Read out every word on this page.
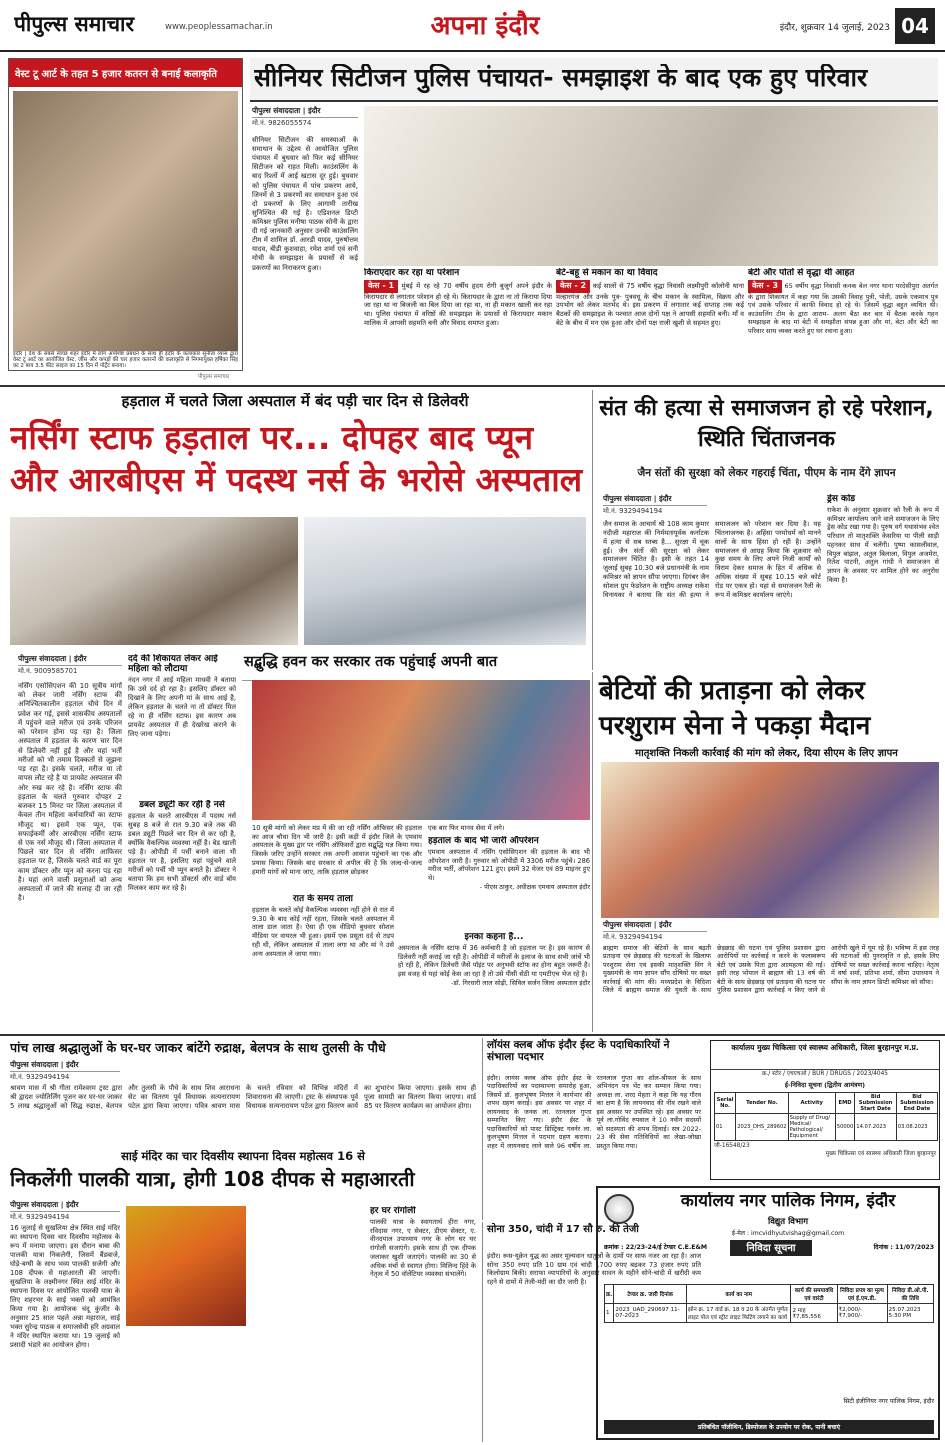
पीपुल्स समाचार	www.peoplessamachar.in	अपना इंदौर	इंदौर, शुक्रवार 14 जुलाई, 2023 04
वेस्ट टू आर्ट के तहत 5 हजार कतरन से बनाई कलाकृति
इंदौर | देश के सबसे स्वच्छ शहर इंदौर में लोग अपशिष्ट प्रबंधन के साथ ही इंदौर के कलाकार सुनीता व्यास द्वारा वेस्ट टू आर्ट का आयोजित वेस्ट, जींस और कपड़ों की चार हजार कतरनों की कलाकृति से निगमायुक्त हर्षिका सिंह का 2 बाय 3.5 फीट साइज का 15 दिन में पोर्ट्रेट बनाया।
पीपुल्स समाचार
सीनियर सिटीजन पुलिस पंचायत- समझाइश के बाद एक हुए परिवार
पीपुल्स संवाददाता | इंदौर
मो.नं. 9826055574
सीनियर सिटीजन की समस्याओं के समाधान के उद्देश्य से आयोजित पुलिस पंचायत में बुधवार को फिर कई सीनियर सिटीजन को राहत मिली। काउंसलिंग के बाद रिश्तों में आई खटास दूर हुई। बुधवार को पुलिस पंचायत में पांच प्रकरण आये, जिनमें से 3 प्रकरणों का समाधान हुआ एवं दो प्रकरणों के लिए आगामी तारीख सुनिश्चित की गई है। एडिशनल डिप्टी कमिश्नर पुलिस मनीषा पाठक सोनी के द्वारा दी गई जानकारी अनुसार उनकी काउंसलिंग टीम में शामिल डॉ. आरडी यादव, पुरुषोत्तम यादव, बीडी कुशवाहा, रमेश शर्मा एवं सनी मोची के समझाइश के प्रयासों से कई प्रकरणों का निराकरण हुआ।
किराएदार कर रहा था परेशान
केस - 1 मुंबई में रह रहे 70 वर्षीय हृदय रोगी बुजुर्ग अपने इंदौर के किरायदार से लगातार परेशान हो रहे थे। किरायदार के द्वारा ना तो किराया दिया जा रहा था ना बिजली का बिल दिया जा रहा था, ना ही मकान खाली कर रहा था। पुलिस पंचायत में वरिष्ठों की समझाइश के प्रयासों से किरायदार मकान मालिक में आपसी सहमति बनी और विवाद समाप्त हुआ।
बेटे-बहू से मकान का था विवाद
केस - 2 कई सालों से 75 वर्षीय वृद्धा निवासी लक्ष्मीपुरी कॉलोनी थाना मल्हारगंज और उनके पुत्र- पुत्रवधू के बीच मकान के स्वामित्व, विक्रय और उपभोग को लेकर मतभेद थे। इस प्रकरण में लगातार कई सप्ताह तक कई बैठकों की समझाइश के पश्चात आज दोनों पक्ष ने आपसी सहमति बनी। माँ व बेटे के बीच में मन एक हुआ और दोनों पक्ष राजी खुशी से सहमत हुए।
बेटी और पोतों से वृद्धा थी आहत
केस - 3 65 वर्षीय वृद्धा निवासी कनक बेल नगर थाना परदेसीपुरा अंतर्गत के द्वारा शिकायत में कहा गया कि उसकी विवाह पुत्री, पोती, उसके एकमात्र पुत्र एवं उसके परिवार में काफी विवाद हो रहे थे। जिसमें वृद्धा बहुत व्यथित थी। काउंसलिंग टीम के द्वारा आराम- अलग बैठा कर बार में बैठक करके गहन समझाइश के बाद मां बेटी में समझौता संपन्न हुआ और मां, बेटा और बेटी का परिवार साथ व्यक्त करते हुए घर रवाना हुआ।
हड़ताल में चलते जिला अस्पताल में बंद पड़ी चार दिन से डिलेवरी
नर्सिंग स्टाफ हड़ताल पर... दोपहर बाद प्यून और आरबीएस में पदस्थ नर्स के भरोसे अस्पताल
पीपुल्स संवाददाता | इंदौर
मो.नं. 9009585701
नर्सिंग एसोसिएशन की 10 सूत्रीय मांगों को लेकर जारी नर्सिंग स्टाफ की अनिश्चितकालीन हड़ताल चौथे दिन में प्रवेश कर गई, इससे शासकीय अस्पतालों में पहुंचने वाले मरीज एवं उनके परिजन को परेशान होना पड़ रहा है। जिला अस्पताल में हड़ताल के कारण चार दिन से डिलेवरी नहीं हुई है और यहां भर्ती मरीजों को भी तमाम दिक्कतों से जूझना पड़ रहा है। इसके चलते, मरीज या तो वापस लौट रहे है या प्रायवेट अस्पताल की ओर रुख कर रहे है। नर्सिंग स्टाफ की हड़ताल के चलते गुरुवार दोपहर 2 बजकर 15 मिनट पर जिला अस्पताल में केवल तीन महिला कर्मचारियों का स्टाफ मौजूद था। इसमें एक प्यून, एक सफाईकर्मी और आरबीएस नर्सिंग स्टाफ से एक नर्स मौजूद थी। जिला अस्पताल में पिछले चार दिन से नर्सिंग आफिसर हड़ताल पर है, जिसके चलते वार्ड का पूरा काम डॉक्टर और प्यून को करना पड़ रहा है। यहां आने वाली प्रसूताओं को अन्य अस्पतालों में जाने की सलाह दी जा रही है।
दर्द की शिकायत लेकर आई महिला को लौटाया
नंदन नगर में आई महिला माधवी ने बताया कि उसे दर्द हो रहा है। इसलिए डॉक्टर को दिखाने के लिए अपनी मां के साथ आई है, लेकिन हड़ताल के चलते ना तो डॉक्टर मिल रहे ना ही नर्सिंग स्टाफ। इस कारण अब प्रायवेट अस्पताल में ही देखरेख कराने के लिए जाना पड़ेगा।
डबल ड्यूटी कर रही है नर्स
हड़ताल के चलते आरबीएस में पदस्थ नर्स सुबह 8 बजे से रात 9.30 बजे तक की डबल ड्यूटी पिछले चार दिन से कर रही है, क्योंकि वैकल्पिक व्यवस्था नहीं है। बेड खाली पड़े है। ओपीडी में पर्ची बनाने वाला भी हड़ताल पर है, इसलिए यहां पहुंचने वाले मरीजों को पर्ची भी प्यून बनाते है। डॉक्टर ने बताया कि हम सभी डॉक्टर्स और वार्ड बॉय मिलकर काम कर रहे है।
सद्बुद्धि हवन कर सरकार तक पहुंचाई अपनी बात
10 सूत्री मांगों को लेकर मप्र में की जा रही नर्सिंग ऑफिसर की हड़ताल का आज चौथा दिन भी जारी है। इसी कड़ी में इंदौर जिले के एमवाय अस्पताल के मुख्य द्वार पर नर्सिंग ऑफिसरों द्वारा सद्बुद्धि यज्ञ किया गया। जिसके जरिए उन्होंने सरकार तक अपनी आवाज पहुंचाने का एक और प्रयास किया। जिसके बाद सरकार से अपील की है कि जल्द-से-जल्द हमारी मांगों को माना जाए, ताकि हड़ताल छोड़कर
एक बार फिर मानव सेवा में लगे।
हड़ताल के बाद भी जारी ऑपरेशन
एमवाय अस्पताल में नर्सिंग एसोसिएशन की हड़ताल के बाद भी ऑपरेशन जारी है। गुरुवार को ओपीडी में 3306 मरीज पहुंचे। 286 मरीज भर्ती, ऑपरेशन 121 हुए। इसमें 32 मेजर एवं 89 माइनर हुए थे।
- पीएस ठाकुर, अधीक्षक एमवाय अस्पताल इंदौर
रात के समय ताला
हड़ताल के चलते कोई वैकल्पिक व्यवस्था नहीं होने से रात में 9.30 के बाद कोई नहीं रहता, जिसके चलते अस्पताल में ताला डाल जाता है। ऐसा ही एक वीडियो बुधवार सोशल मीडिया पर वायरल भी हुआ। इसमें एक प्रसूता दर्द से तड़प रही थी, लेकिन अस्पताल में ताला लगा था और मां ने उसे अन्य अस्पताल ले जाया गया।
इनका कहना है...
अस्पताल के नर्सिंग स्टाफ में 36 कर्मचारी है जो हड़ताल पर है। इस कारण से डिलेवरी नहीं कराई जा रही है। ओपीडी में मरीजों के इलाज के साथ सभी जांचें भी हो रही है, लेकिन डिलेवरी जैसे पॉइंट पर अनुभवी स्टॉफ का होना बहुत जरूरी है। इस वजह से यहां कोई केस आ रहा है तो उसे पीसी सेठी या एमटीएच भेज रहे है।
-डॉ. गिरधारी लाल सोढ़ी, सिविल सर्जन जिला अस्पताल इंदौर
संत की हत्या से समाजजन हो रहे परेशान, स्थिति चिंताजनक
जैन संतों की सुरक्षा को लेकर गहराई चिंता, पीएम के नाम देंगे ज्ञापन
पीपुल्स संवाददाता | इंदौर
मो.नं. 9329494194
जैन समाज के आचार्य श्री 108 काम कुमार नंदीजी महाराज की निर्ममतापूर्वक कर्नाटक में हत्या से सब स्तब्ध है... सुरक्षा में चूक हुई। जैन संतों की सुरक्षा को लेकर समाजजन चिंतित है। इसी के तहत 14 जुलाई सुबह 10.30 बजे प्रधानमंत्री के नाम कमिश्नर को ज्ञापन सौंपा जाएगा। दिगंबर जैन सोशल ग्रुप फेडरेशन के राष्ट्रीय अध्यक्ष राकेश विनायका ने बताया कि संत की हत्या ने समाजजन को परेशान कर दिया है। यह चिंतनाजनक है। अहिंसा परमोधर्म को मानने वालों के साथ हिंसा हो रही है। उन्होंने समाजजन से आग्रह किया कि शुक्रवार को कुछ समय के लिए अपने निजी कार्यों को विराम देकर समाज के हित में अधिक से अधिक संख्या में सुबह 10.15 बजे कोर्ट रोड पर एकत्र हो। यहां से समाजजन रैली के रूप में कमिश्नर कार्यालय जाएंगे।
ड्रेस कोड
राकेश के अनुसार शुक्रवार को रैली के रूप में कमिश्नर कार्यालय जाने वाले समाजजन के लिए ड्रेस कोड रखा गया है। पुरुष वर्ग यथासंभव श्वेत परिधान तो मातृशक्ति केसरिया या पीली साड़ी पहनकर साथ में चलेंगी। पुष्पा कासलीवाल, विपुल बांझल, अतुल बिलाला, विपुल अजमेरा, रितेश पाटनी, अतुल गांधी ने समाजजन से ज्ञापन के अवसर पर शामिल होने का अनुरोध किया है।
बेटियों की प्रताड़ना को लेकर परशुराम सेना ने पकड़ा मैदान
मातृशक्ति निकली कार्रवाई की मांग को लेकर, दिया सीएम के लिए ज्ञापन
पीपुल्स संवाददाता | इंदौर
मो.नं. 9329494194
ब्राह्मण समाज की बेटियों के साथ बढ़ती प्रताड़ना एवं छेड़छाड़ की घटनाओं के खिलाफ परशुराम सेना एवं इसकी मातृशक्ति विंग ने मुख्यमंत्री के नाम ज्ञापन सौंप दोषियों पर सख्त कार्रवाई की मांग की। मध्यप्रदेश के विदिशा जिले में ब्राह्मण समाज की युवती के साथ छेड़छाड़ की घटना एवं पुलिस प्रशासन द्वारा आरोपियों पर कार्रवाई न करने के फलस्वरूप बेटी एवं उसके पिता द्वारा आत्महत्या की गई। इसी तरह भोपाल में ब्राह्मण की 13 वर्ष की बेटी के साथ छेड़छाड़ एवं प्रताड़ना की घटना पर पुलिस प्रशासन द्वारा कार्रवाई न किए जाने से आरोपी खुले में घूम रहे है। भविष्य में इस तरह की घटनाओं की पुनरावृत्ति न हो, इसके लिए दोषियों पर सख्त कार्रवाई करना चाहिए। नेतृत्व में वर्षा शर्मा, प्रतिभा शर्मा, सीमा उपाध्याय ने सौंपा के नाम ज्ञापन डिप्टी कमिश्नर को सौंपा।
पांच लाख श्रद्धालुओं के घर-घर जाकर बांटेंगे रुद्राक्ष, बेलपत्र के साथ तुलसी के पौधे
पीपुल्स संवाददाता | इंदौर
मो.नं. 9329494194
श्रावण मास में श्री गीता रामेश्वरम ट्रस्ट द्वारा श्री द्वादश ज्योतिर्लिंग पूजन कर घर-घर जाकर 5 लाख श्रद्धालुओं को सिद्ध रुद्राक्ष, बेलपत्र और तुलसी के पौधे के साथ शिव आराधना सेट का वितरण पूर्व विधायक सत्यनारायण पटेल द्वारा किया जाएगा। पवित्र श्रावण मास के चलते रविवार को विभिन्न मंदिरों में शिवाराधना की जाएगी। ट्रस्ट के संस्थापक पूर्व विधायक सत्यनारायण पटेल द्वारा वितरण कार्य का शुभारंभ किया जाएगा। इसके साथ ही पूजा सामग्री का वितरण किया जाएगा। वार्ड 85 पर वितरण कार्यक्रम का आयोजन होगा।
साई मंदिर का चार दिवसीय स्थापना दिवस महोत्सव 16 से
निकलेंगी पालकी यात्रा, होगी 108 दीपक से महाआरती
पीपुल्स संवाददाता | इंदौर
मो.नं. 9329494194
16 जुलाई से सुखलिया क्षेत्र स्थित साई मंदिर का स्थापना दिवस चार दिवसीय महोत्सव के रूप में मनाया जाएगा। इस दौरान बाबा की पालकी यात्रा निकलेगी, जिसमें बैंडबाजे, घोड़े-बग्घी के साथ भव्य पालकी सजेगी और 108 दीपक से महाआरती की जाएगी। सुखलिया के लक्ष्मीनगर स्थित साई मंदिर के स्थापना दिवस पर आयोजित पालकी यात्रा के लिए शहरभर के साई भक्तों को आमंत्रित किया गया है। आयोजक चंदू कुंजीर के अनुसार 25 साल पहले अन्ना महाराज, साई भक्त सुरेन्द्र पाठक व समाजसेवी हरि अग्रवाल ने मंदिर स्थापित कराया था। 19 जुलाई को प्रसादी भंडारे का आयोजन होगा।
हर घर रांगोली
पालकी यात्रा के स्वागतार्थ हीरा नगर, रविदास नगर, ए सेक्टर, डीएम सेक्टर, ए. वीनदयाल उपाध्याय नगर के लोग घर घर रांगोली सजाएंगे। इसके साथ ही एक दीपक जलाकर खुशी जताएंगे। पालकी का 30 से अधिक मंचों से स्वागत होगा। मिलिन्द हिंदे के नेतृत्व में 50 वॉलेंटियर व्यवस्था संभालेंगे।
लॉयंस क्लब ऑफ इंदौर ईस्ट के पदाधिकारियों ने संभाला पदभार
इंदौर। लायंस क्लब ऑफ इंदौर ईस्ट के पदाधिकारियों का पदस्थापना समारोह हुआ, जिसमें डॉ. कुलभूषण मित्तल ने कार्यभार की शपथ ग्रहण कराई। इस अवसर पर शहर में लायनवाद के जनक ला. रतनलाल गुप्ता सम्मानित किए गए। इंदौर ईस्ट के पदाधिकारियों को पास्ट डिस्ट्रिक्ट गवर्नर ला. कुलभूषण मित्तल ने पदभार ग्रहण कराया। शहर में लायनवाद लाने वाले 96 वर्षीय ला. रतनलाल गुप्ता का शॉल-श्रीफल के साथ अभिनंदन पत्र भेंट कर सम्मान किया गया। अध्यक्ष ला. शरद मेहता ने कहा कि यह गौरव का क्षण है कि लायनवाद की नींव रखने वाले इस अवसर पर उपस्थित रहे। इस अवसर पर पूर्व ला.गोविंद रुपवाल ने 10 नवीन सदस्यों को सदस्यता की शपथ दिलाई। सत्र 2022-23 की सेवा गतिविधियों का लेखा-जोखा प्रस्तुत किया गया।
सोना 350, चांदी में 17 सौ रु. की तेजी
इंदौर। रूस-यूक्रेन युद्ध का असर मूल्यवान धातुओं के दामों पर साफ नजर आ रहा है। आज सोना 350 रुपए प्रति 10 ग्राम एवं चांदी 1700 रुपए बढ़कर 73 हजार रुपए प्रति किलोग्राम बिकी। सराफा व्यापारियों के अनुसार सावन के महीने सोने-चांदी में खरीदी कम रहने से दामों में तेजी-मंदी का दौर जारी है।
कार्यालय मुख्य चिकित्सा एवं स्वास्थ्य अधिकारी, जिला बुरहानपुर म.प्र.
क्र./ स्टोर / एचएचओ / BUR / DRUGS / 2023/4045
ई-निविदा सूचना (द्वितीय आमंत्रण)
Serial No.	Tender No.	Activity	EMD	Bid Submission Start Date	Bid Submission End Date
01	2023_DHS_289602	Supply of Drug/ Medical/ Pathological/ Equipment	50000	14.07.2023	03.08.2023
जी-16548/23
मुख्य चिकित्सा एवं स्वास्थ्य अधिकारी जिला बुरहानपुर
कार्यालय नगर पालिक निगम, इंदौर
विद्युत विभाग
ई-मेल : imcvidhyutvishag@gmail.com
क्रमांक : 22/23-24/ई टेण्डर C.E.E&M	निविदा सूचना	दिनांक : 11/07/2023
क्र.	टेण्डर क्र. जारी दिनांक	कार्य का नाम	कार्य की समयावधि एवं वारंटी	निविदा प्रपत्र का मूल्य एवं ई.एम.डी.	निविदा डी.ओ.पी. की तिथि
1	2023_UAD_290697 11-07-2023	झोन क्र. 17 वार्ड क्र. 18 व 20 के अंतर्गत पूर्णतः लाइट पोल एवं स्ट्रीट लाइट फिटिंग लगाने का कार्य	2 माह ₹7,85,556	₹2,000/- ₹7,900/-	25.07.2023 5:30 PM
सिटी इंजीनियर नगर पालिक निगम, इंदौर
प्रतिबंधित पॉलीथिन, डिस्पोजल के उपयोग पर रोक, पानी बचाएं
